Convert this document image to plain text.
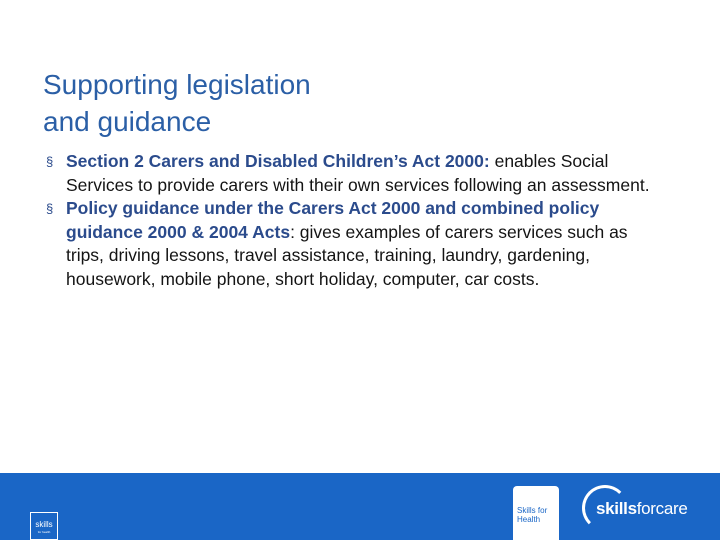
Supporting legislation
and guidance
§ Section 2 Carers and Disabled Children’s Act 2000: enables Social Services to provide carers with their own services following an assessment.
§ Policy guidance under the Carers Act 2000 and combined policy guidance 2000 & 2004 Acts: gives examples of carers services such as trips, driving lessons, travel assistance, training, laundry, gardening, housework, mobile phone, short holiday, computer, car costs.
skills
for health
Skills for
Health
skillsforcare
